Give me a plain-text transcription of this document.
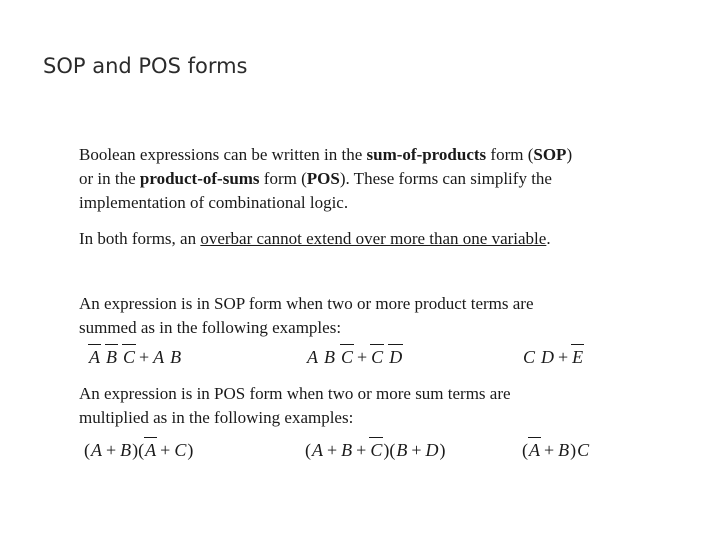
SOP and POS forms

Boolean expressions can be written in the sum-of-products form (SOP)

or in the product-of-sums form (POS). These forms can simplify the

implementation of combinational logic.

In both forms, an overbar cannot extend over more than one variable.

An expression is in SOP form when two or more product terms are

summed as in the following examples:

A B C + A B	A B C + C D	C D + E

An expression is in POS form when two or more sum terms are

multiplied as in the following examples:

(A + B)(A + C)	(A + B + C)(B + D)	(A + B)C
